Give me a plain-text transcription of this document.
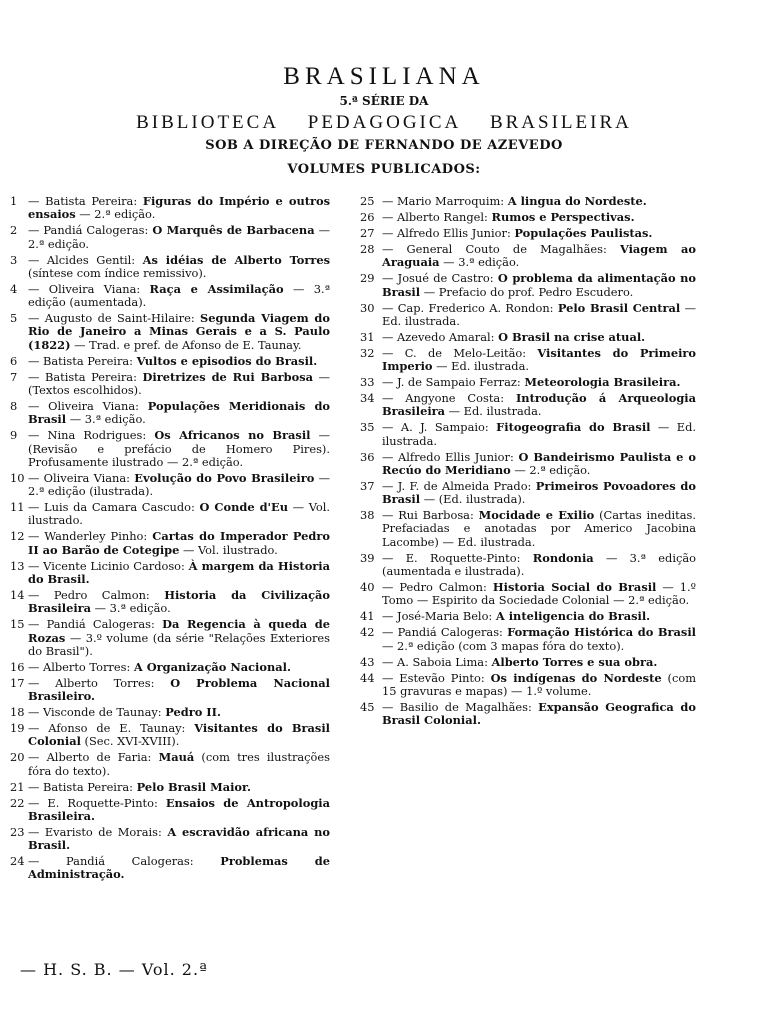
BRASILIANA
5.ª SÉRIE DA
BIBLIOTECA PEDAGOGICA BRASILEIRA
SOB A DIREÇÃO DE FERNANDO DE AZEVEDO
VOLUMES PUBLICADOS:
1 — Batista Pereira: Figuras do Império e outros ensaios — 2.ª edição.
2 — Pandiá Calogeras: O Marquês de Barbacena — 2.ª edição.
3 — Alcides Gentil: As idéias de Alberto Torres (síntese com índice remissivo).
4 — Oliveira Viana: Raça e Assimilação — 3.ª edição (aumentada).
5 — Augusto de Saint-Hilaire: Segunda Viagem do Rio de Janeiro a Minas Gerais e a S. Paulo (1822) — Trad. e pref. de Afonso de E. Taunay.
6 — Batista Pereira: Vultos e episodios do Brasil.
7 — Batista Pereira: Diretrizes de Rui Barbosa — (Textos escolhidos).
8 — Oliveira Viana: Populações Meridionais do Brasil — 3.ª edição.
9 — Nina Rodrigues: Os Africanos no Brasil — (Revisão e prefácio de Homero Pires). Profusamente ilustrado — 2.ª edição.
10 — Oliveira Viana: Evolução do Povo Brasileiro — 2.ª edição (ilustrada).
11 — Luis da Camara Cascudo: O Conde d'Eu — Vol. ilustrado.
12 — Wanderley Pinho: Cartas do Imperador Pedro II ao Barão de Cotegipe — Vol. ilustrado.
13 — Vicente Licinio Cardoso: À margem da Historia do Brasil.
14 — Pedro Calmon: Historia da Civilização Brasileira — 3.ª edição.
15 — Pandiá Calogeras: Da Regencia à queda de Rozas — 3.º volume (da série "Relações Exteriores do Brasil").
16 — Alberto Torres: A Organização Nacional.
17 — Alberto Torres: O Problema Nacional Brasileiro.
18 — Visconde de Taunay: Pedro II.
19 — Afonso de E. Taunay: Visitantes do Brasil Colonial (Sec. XVI-XVIII).
20 — Alberto de Faria: Mauá (com tres ilustrações fóra do texto).
21 — Batista Pereira: Pelo Brasil Maior.
22 — E. Roquette-Pinto: Ensaios de Antropologia Brasileira.
23 — Evaristo de Morais: A escravidão africana no Brasil.
24 — Pandiá Calogeras: Problemas de Administração.
25 — Mario Marroquim: A lingua do Nordeste.
26 — Alberto Rangel: Rumos e Perspectivas.
27 — Alfredo Ellis Junior: Populações Paulistas.
28 — General Couto de Magalhães: Viagem ao Araguaia — 3.ª edição.
29 — Josué de Castro: O problema da alimentação no Brasil — Prefacio do prof. Pedro Escudero.
30 — Cap. Frederico A. Rondon: Pelo Brasil Central — Ed. ilustrada.
31 — Azevedo Amaral: O Brasil na crise atual.
32 — C. de Melo-Leitão: Visitantes do Primeiro Imperio — Ed. ilustrada.
33 — J. de Sampaio Ferraz: Meteorologia Brasileira.
34 — Angyone Costa: Introdução á Arqueologia Brasileira — Ed. ilustrada.
35 — A. J. Sampaio: Fitogeografia do Brasil — Ed. ilustrada.
36 — Alfredo Ellis Junior: O Bandeirismo Paulista e o Recúo do Meridiano — 2.ª edição.
37 — J. F. de Almeida Prado: Primeiros Povoadores do Brasil — (Ed. ilustrada).
38 — Rui Barbosa: Mocidade e Exilio (Cartas ineditas. Prefaciadas e anotadas por Americo Jacobina Lacombe) — Ed. ilustrada.
39 — E. Roquette-Pinto: Rondonia — 3.ª edição (aumentada e ilustrada).
40 — Pedro Calmon: Historia Social do Brasil — 1.º Tomo — Espirito da Sociedade Colonial — 2.ª edição.
41 — José-Maria Belo: A inteligencia do Brasil.
42 — Pandiá Calogeras: Formação Histórica do Brasil — 2.ª edição (com 3 mapas fóra do texto).
43 — A. Saboia Lima: Alberto Torres e sua obra.
44 — Estevão Pinto: Os indígenas do Nordeste (com 15 gravuras e mapas) — 1.º volume.
45 — Basilio de Magalhães: Expansão Geografica do Brasil Colonial.
— H. S. B. — Vol. 2.ª
